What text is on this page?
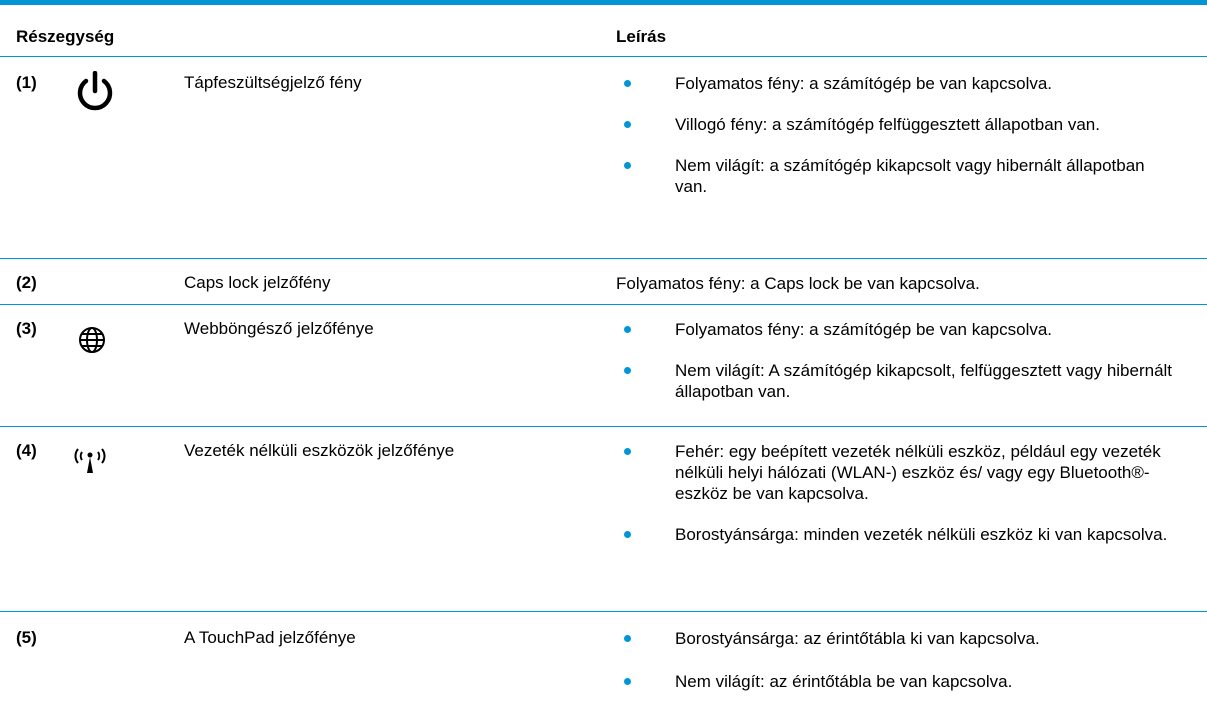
Részegység	Leírás
(1)	Tápfeszültségjelző fény	Folyamatos fény: a számítógép be van kapcsolva.
Villogó fény: a számítógép felfüggesztett állapotban van.
Nem világít: a számítógép kikapcsolt vagy hibernált állapotban van.
(2)	Caps lock jelzőfény	Folyamatos fény: a Caps lock be van kapcsolva.
(3)	Webböngésző jelzőfénye	Folyamatos fény: a számítógép be van kapcsolva.
Nem világít: A számítógép kikapcsolt, felfüggesztett vagy hibernált állapotban van.
(4)	Vezeték nélküli eszközök jelzőfénye	Fehér: egy beépített vezeték nélküli eszköz, például egy vezeték nélküli helyi hálózati (WLAN-) eszköz és/ vagy egy Bluetooth®-eszköz be van kapcsolva.
Borostyánsárga: minden vezeték nélküli eszköz ki van kapcsolva.
(5)	A TouchPad jelzőfénye	Borostyánsárga: az érintőtábla ki van kapcsolva.
Nem világít: az érintőtábla be van kapcsolva.
